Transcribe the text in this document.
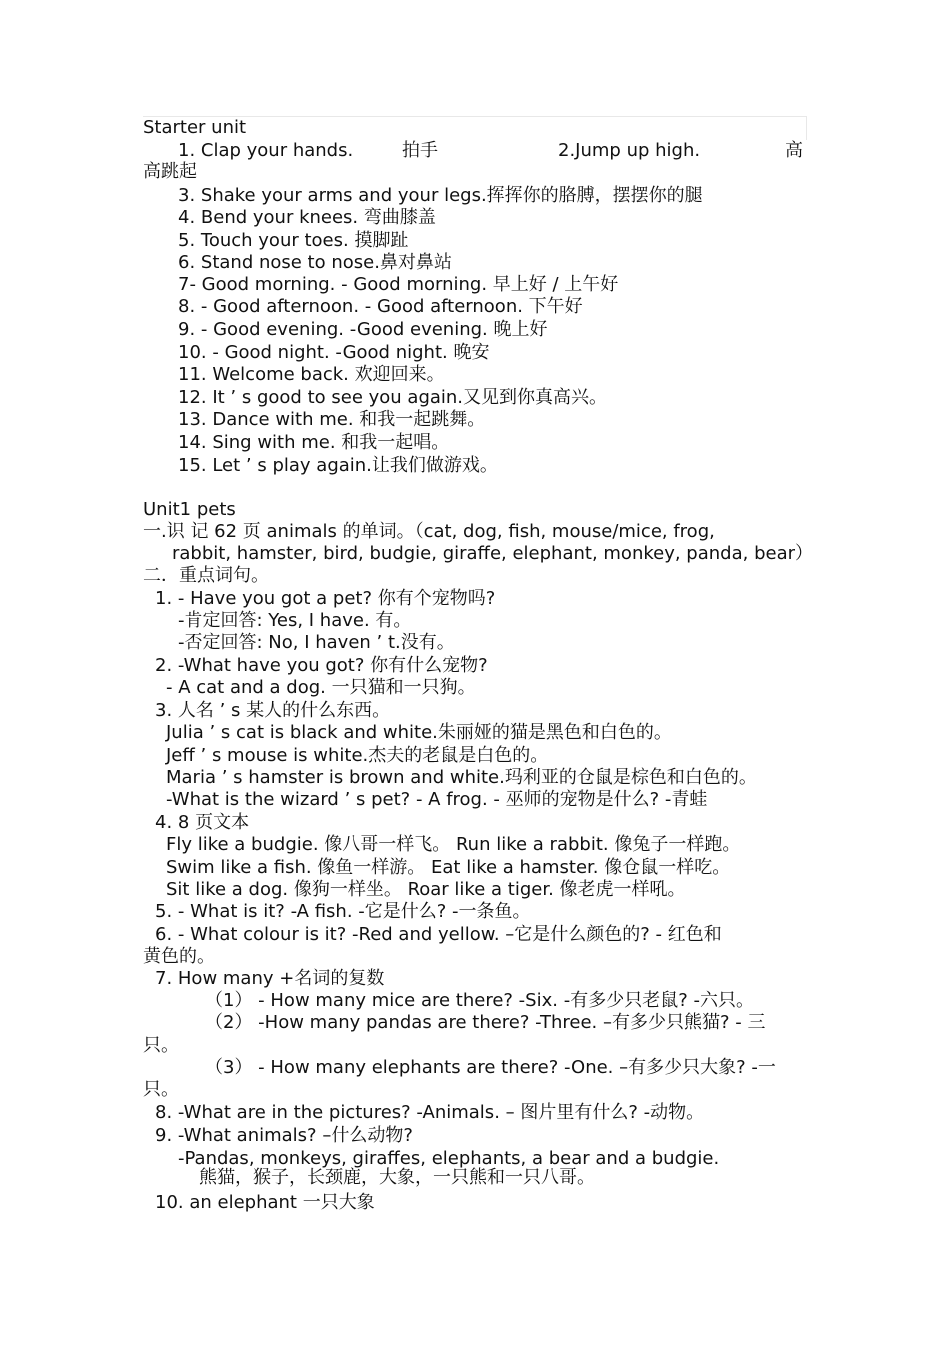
Starter unit
1. Clap your hands.	拍手	2.Jump up high.	高
高跳起
3. Shake your arms and your legs.挥挥你的胳膊，摆摆你的腿
4. Bend your knees. 弯曲膝盖
5. Touch your toes. 摸脚趾
6. Stand nose to nose.鼻对鼻站
7- Good morning. - Good morning. 早上好 / 上午好
8. - Good afternoon. - Good afternoon. 下午好
9. - Good evening. -Good evening. 晚上好
10. - Good night. -Good night. 晚安
11. Welcome back. 欢迎回来。
12. It ’ s good to see you again.又见到你真高兴。
13. Dance with me. 和我一起跳舞。
14. Sing with me. 和我一起唱。
15. Let ’ s play again.让我们做游戏。
Unit1 pets
一.识 记 62 页 animals 的单词。（cat, dog, fish, mouse/mice, frog,
rabbit, hamster, bird, budgie, giraffe, elephant, monkey, panda, bear）
二．重点词句。
1. - Have you got a pet? 你有个宠物吗?
-肯定回答: Yes, I have. 有。
-否定回答: No, I haven ’ t.没有。
2. -What have you got? 你有什么宠物?
- A cat and a dog. 一只猫和一只狗。
3. 人名 ’ s 某人的什么东西。
Julia ’ s cat is black and white.朱丽娅的猫是黑色和白色的。
Jeff ’ s mouse is white.杰夫的老鼠是白色的。
Maria ’ s hamster is brown and white.玛利亚的仓鼠是棕色和白色的。
-What is the wizard ’ s pet? - A frog. - 巫师的宠物是什么? -青蛙
4. 8 页文本
Fly like a budgie. 像八哥一样飞。 Run like a rabbit. 像兔子一样跑。
Swim like a fish. 像鱼一样游。 Eat like a hamster. 像仓鼠一样吃。
Sit like a dog. 像狗一样坐。 Roar like a tiger. 像老虎一样吼。
5. - What is it? -A fish. -它是什么? -一条鱼。
6. - What colour is it? -Red and yellow. –它是什么颜色的? - 红色和
黄色的。
7. How many +名词的复数
（1） - How many mice are there? -Six. -有多少只老鼠? -六只。
（2） -How many pandas are there? -Three. –有多少只熊猫? - 三
只。
（3） - How many elephants are there? -One. –有多少只大象? -一
只。
8. -What are in the pictures? -Animals. – 图片里有什么? -动物。
9. -What animals? –什么动物?
-Pandas, monkeys, giraffes, elephants, a bear and a budgie.
熊猫，猴子，长颈鹿，大象，一只熊和一只八哥。
10. an elephant 一只大象
